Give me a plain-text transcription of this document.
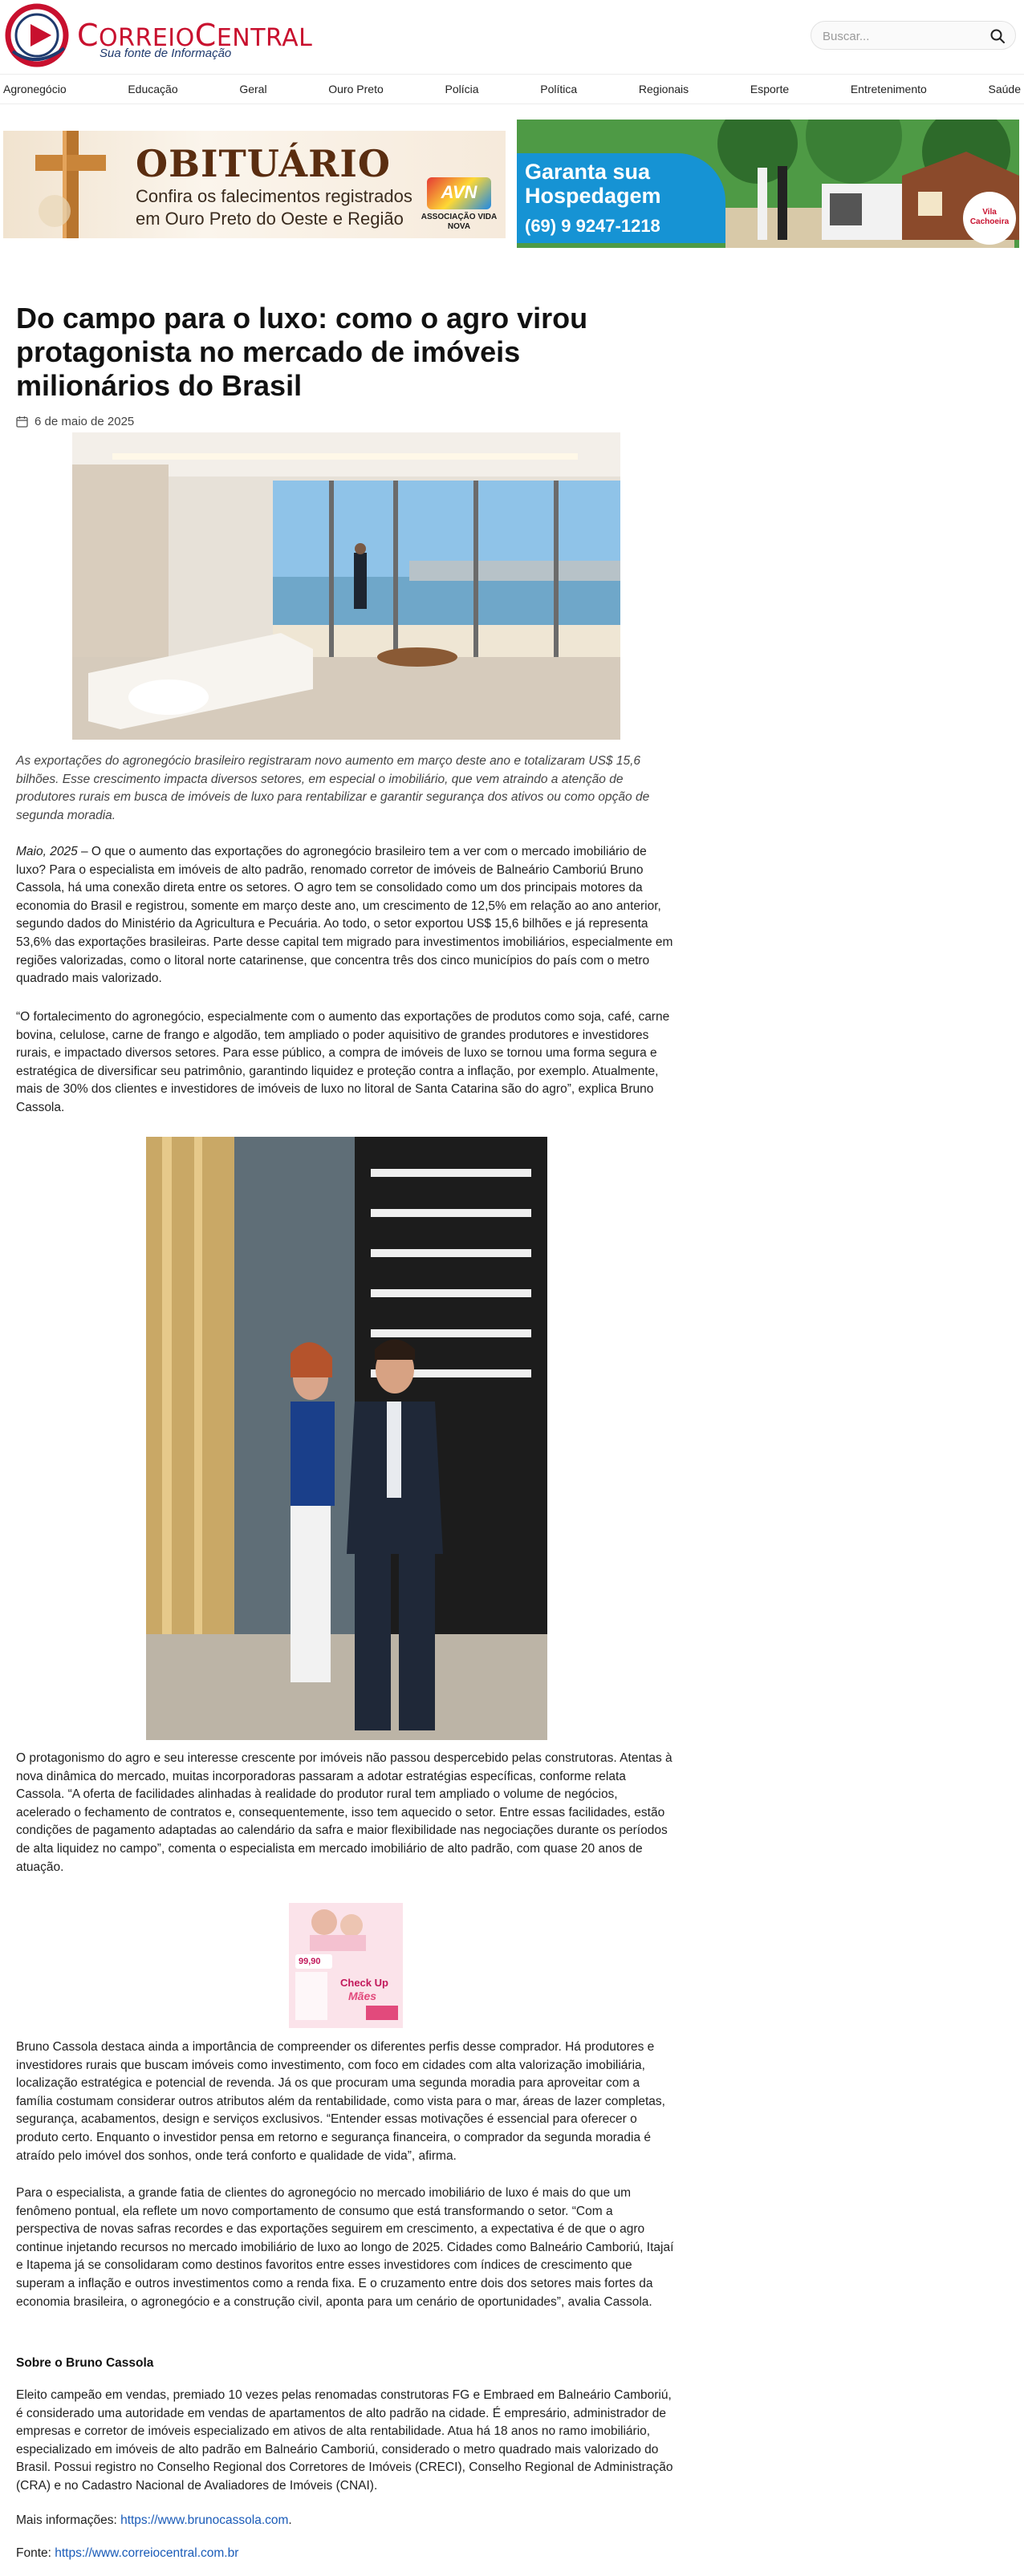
CORREIOCENTRAL
Sua fonte de Informação
Buscar...
Agronegócio	Educação	Geral	Ouro Preto	Polícia	Política	Regionais	Esporte	Entretenimento	Saúde
OBITUÁRIO
Confira os falecimentos registrados em Ouro Preto do Oeste e Região
AVN
ASSOCIAÇÃO VIDA NOVA
Garanta sua Hospedagem
(69) 9 9247-1218
Vila Cachoeira
Do campo para o luxo: como o agro virou protagonista no mercado de imóveis milionários do Brasil
6 de maio de 2025

As exportações do agronegócio brasileiro registraram novo aumento em março deste ano e totalizaram US$ 15,6 bilhões. Esse crescimento impacta diversos setores, em especial o imobiliário, que vem atraindo a atenção de produtores rurais em busca de imóveis de luxo para rentabilizar e garantir segurança dos ativos ou como opção de segunda moradia.

Maio, 2025 – O que o aumento das exportações do agronegócio brasileiro tem a ver com o mercado imobiliário de luxo? Para o especialista em imóveis de alto padrão, renomado corretor de imóveis de Balneário Camboriú Bruno Cassola, há uma conexão direta entre os setores. O agro tem se consolidado como um dos principais motores da economia do Brasil e registrou, somente em março deste ano, um crescimento de 12,5% em relação ao ano anterior, segundo dados do Ministério da Agricultura e Pecuária. Ao todo, o setor exportou US$ 15,6 bilhões e já representa 53,6% das exportações brasileiras. Parte desse capital tem migrado para investimentos imobiliários, especialmente em regiões valorizadas, como o litoral norte catarinense, que concentra três dos cinco municípios do país com o metro quadrado mais valorizado.

“O fortalecimento do agronegócio, especialmente com o aumento das exportações de produtos como soja, café, carne bovina, celulose, carne de frango e algodão, tem ampliado o poder aquisitivo de grandes produtores e investidores rurais, e impactado diversos setores. Para esse público, a compra de imóveis de luxo se tornou uma forma segura e estratégica de diversificar seu patrimônio, garantindo liquidez e proteção contra a inflação, por exemplo. Atualmente, mais de 30% dos clientes e investidores de imóveis de luxo no litoral de Santa Catarina são do agro”, explica Bruno Cassola.

O protagonismo do agro e seu interesse crescente por imóveis não passou despercebido pelas construtoras. Atentas à nova dinâmica do mercado, muitas incorporadoras passaram a adotar estratégias específicas, conforme relata Cassola. “A oferta de facilidades alinhadas à realidade do produtor rural tem ampliado o volume de negócios, acelerado o fechamento de contratos e, consequentemente, isso tem aquecido o setor. Entre essas facilidades, estão condições de pagamento adaptadas ao calendário da safra e maior flexibilidade nas negociações durante os períodos de alta liquidez no campo”, comenta o especialista em mercado imobiliário de alto padrão, com quase 20 anos de atuação.

99,90
Check Up
Mães

Bruno Cassola destaca ainda a importância de compreender os diferentes perfis desse comprador. Há produtores e investidores rurais que buscam imóveis como investimento, com foco em cidades com alta valorização imobiliária, localização estratégica e potencial de revenda. Já os que procuram uma segunda moradia para aproveitar com a família costumam considerar outros atributos além da rentabilidade, como vista para o mar, áreas de lazer completas, segurança, acabamentos, design e serviços exclusivos. “Entender essas motivações é essencial para oferecer o produto certo. Enquanto o investidor pensa em retorno e segurança financeira, o comprador da segunda moradia é atraído pelo imóvel dos sonhos, onde terá conforto e qualidade de vida”, afirma.

Para o especialista, a grande fatia de clientes do agronegócio no mercado imobiliário de luxo é mais do que um fenômeno pontual, ela reflete um novo comportamento de consumo que está transformando o setor. “Com a perspectiva de novas safras recordes e das exportações seguirem em crescimento, a expectativa é de que o agro continue injetando recursos no mercado imobiliário de luxo ao longo de 2025. Cidades como Balneário Camboriú, Itajaí e Itapema já se consolidaram como destinos favoritos entre esses investidores com índices de crescimento que superam a inflação e outros investimentos como a renda fixa. E o cruzamento entre dois dos setores mais fortes da economia brasileira, o agronegócio e a construção civil, aponta para um cenário de oportunidades”, avalia Cassola.

Sobre o Bruno Cassola

Eleito campeão em vendas, premiado 10 vezes pelas renomadas construtoras FG e Embraed em Balneário Camboriú, é considerado uma autoridade em vendas de apartamentos de alto padrão na cidade. É empresário, administrador de empresas e corretor de imóveis especializado em ativos de alta rentabilidade. Atua há 18 anos no ramo imobiliário, especializado em imóveis de alto padrão em Balneário Camboriú, considerado o metro quadrado mais valorizado do Brasil. Possui registro no Conselho Regional dos Corretores de Imóveis (CRECI), Conselho Regional de Administração (CRA) e no Cadastro Nacional de Avaliadores de Imóveis (CNAI).

Mais informações: https://www.brunocassola.com.
Fonte: https://www.correiocentral.com.br
